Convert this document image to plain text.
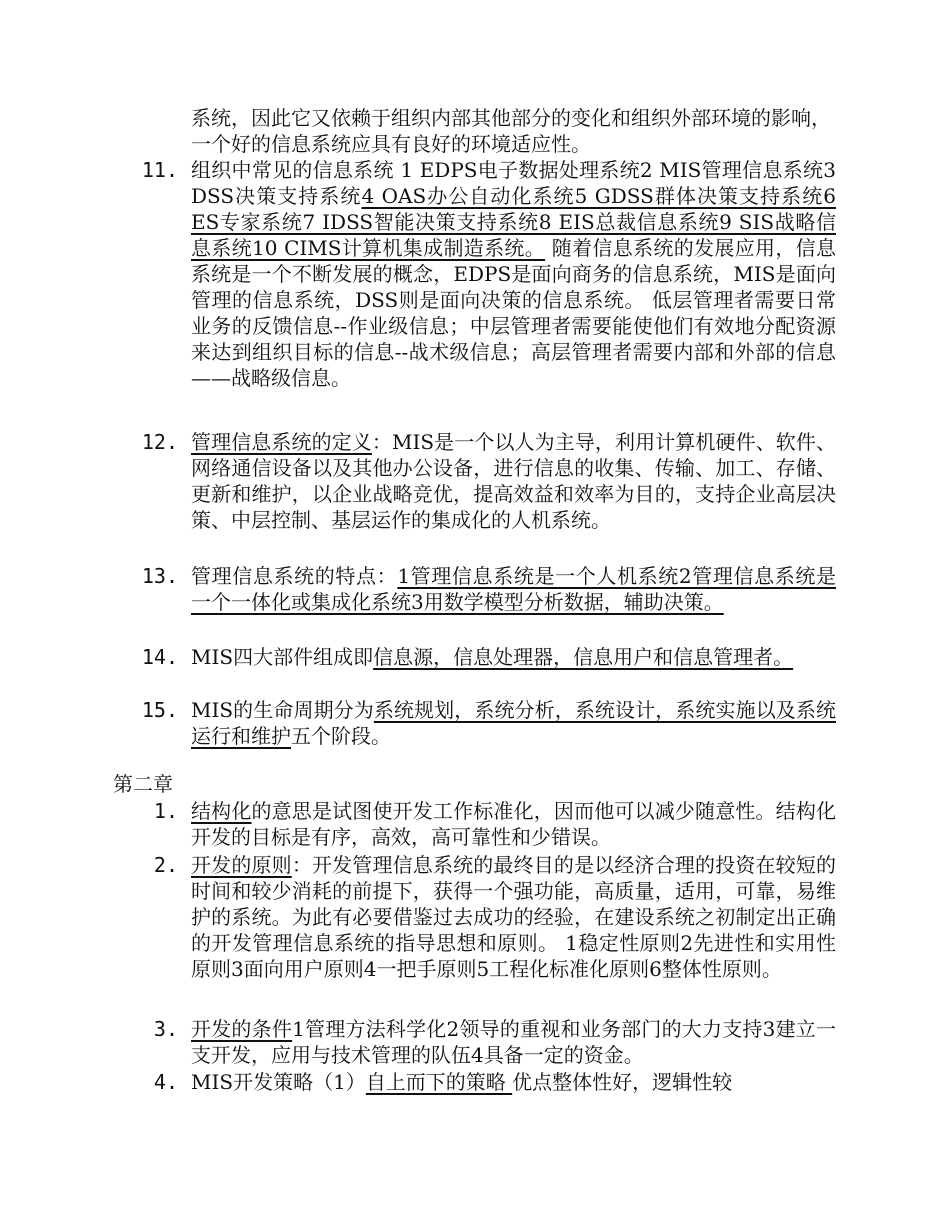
系统，因此它又依赖于组织内部其他部分的变化和组织外部环境的影响，一个好的信息系统应具有良好的环境适应性。
11. 组织中常见的信息系统 1 EDPS电子数据处理系统2 MIS管理信息系统3 DSS决策支持系统4 OAS办公自动化系统5 GDSS群体决策支持系统6 ES专家系统7 IDSS智能决策支持系统8 EIS总裁信息系统9 SIS战略信息系统10 CIMS计算机集成制造系统。 随着信息系统的发展应用，信息系统是一个不断发展的概念，EDPS是面向商务的信息系统，MIS是面向管理的信息系统，DSS则是面向决策的信息系统。 低层管理者需要日常业务的反馈信息--作业级信息；中层管理者需要能使他们有效地分配资源来达到组织目标的信息--战术级信息；高层管理者需要内部和外部的信息——战略级信息。
12. 管理信息系统的定义：MIS是一个以人为主导，利用计算机硬件、软件、网络通信设备以及其他办公设备，进行信息的收集、传输、加工、存储、更新和维护，以企业战略竞优，提高效益和效率为目的，支持企业高层决策、中层控制、基层运作的集成化的人机系统。
13. 管理信息系统的特点：1管理信息系统是一个人机系统2管理信息系统是一个一体化或集成化系统3用数学模型分析数据，辅助决策。
14. MIS四大部件组成即信息源，信息处理器，信息用户和信息管理者。
15. MIS的生命周期分为系统规划，系统分析，系统设计，系统实施以及系统运行和维护五个阶段。
第二章
1. 结构化的意思是试图使开发工作标准化，因而他可以减少随意性。结构化开发的目标是有序，高效，高可靠性和少错误。
2. 开发的原则：开发管理信息系统的最终目的是以经济合理的投资在较短的时间和较少消耗的前提下，获得一个强功能，高质量，适用，可靠，易维护的系统。为此有必要借鉴过去成功的经验，在建设系统之初制定出正确的开发管理信息系统的指导思想和原则。 1稳定性原则2先进性和实用性原则3面向用户原则4一把手原则5工程化标准化原则6整体性原则。
3. 开发的条件1管理方法科学化2领导的重视和业务部门的大力支持3建立一支开发，应用与技术管理的队伍4具备一定的资金。
4. MIS开发策略（1）自上而下的策略 优点整体性好，逻辑性较
